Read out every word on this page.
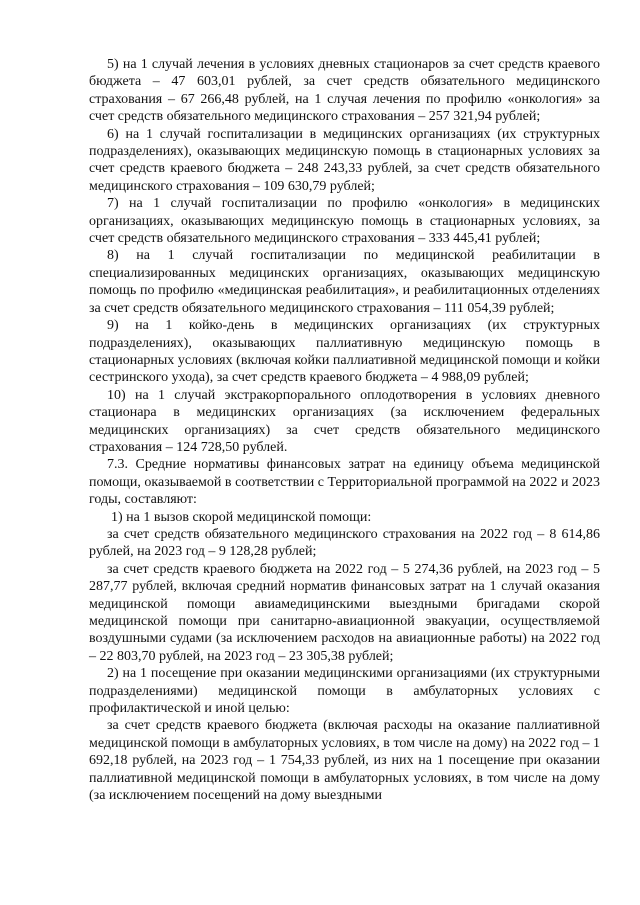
5) на 1 случай лечения в условиях дневных стационаров за счет средств краевого бюджета – 47 603,01 рублей, за счет средств обязательного медицинского страхования – 67 266,48 рублей, на 1 случая лечения по профилю «онкология» за счет средств обязательного медицинского страхования – 257 321,94 рублей;

6) на 1 случай госпитализации в медицинских организациях (их структурных подразделениях), оказывающих медицинскую помощь в стационарных условиях за счет средств краевого бюджета – 248 243,33 рублей, за счет средств обязательного медицинского страхования – 109 630,79 рублей;

7) на 1 случай госпитализации по профилю «онкология» в медицинских организациях, оказывающих медицинскую помощь в стационарных условиях, за счет средств обязательного медицинского страхования – 333 445,41 рублей;

8) на 1 случай госпитализации по медицинской реабилитации в специализированных медицинских организациях, оказывающих медицинскую помощь по профилю «медицинская реабилитация», и реабилитационных отделениях за счет средств обязательного медицинского страхования – 111 054,39 рублей;

9) на 1 койко-день в медицинских организациях (их структурных подразделениях), оказывающих паллиативную медицинскую помощь в стационарных условиях (включая койки паллиативной медицинской помощи и койки сестринского ухода), за счет средств краевого бюджета – 4 988,09 рублей;

10) на 1 случай экстракорпорального оплодотворения в условиях дневного стационара в медицинских организациях (за исключением федеральных медицинских организациях) за счет средств обязательного медицинского страхования – 124 728,50 рублей.

7.3. Средние нормативы финансовых затрат на единицу объема медицинской помощи, оказываемой в соответствии с Территориальной программой на 2022 и 2023 годы, составляют:

1) на 1 вызов скорой медицинской помощи:

за счет средств обязательного медицинского страхования на 2022 год – 8 614,86 рублей, на 2023 год – 9 128,28 рублей;

за счет средств краевого бюджета на 2022 год – 5 274,36 рублей, на 2023 год – 5 287,77 рублей, включая средний норматив финансовых затрат на 1 случай оказания медицинской помощи авиамедицинскими выездными бригадами скорой медицинской помощи при санитарно-авиационной эвакуации, осуществляемой воздушными судами (за исключением расходов на авиационные работы) на 2022 год – 22 803,70 рублей, на 2023 год – 23 305,38 рублей;

2) на 1 посещение при оказании медицинскими организациями (их структурными подразделениями) медицинской помощи в амбулаторных условиях с профилактической и иной целью:

за счет средств краевого бюджета (включая расходы на оказание паллиативной медицинской помощи в амбулаторных условиях, в том числе на дому) на 2022 год – 1 692,18 рублей, на 2023 год – 1 754,33 рублей, из них на 1 посещение при оказании паллиативной медицинской помощи в амбулаторных условиях, в том числе на дому (за исключением посещений на дому выездными
